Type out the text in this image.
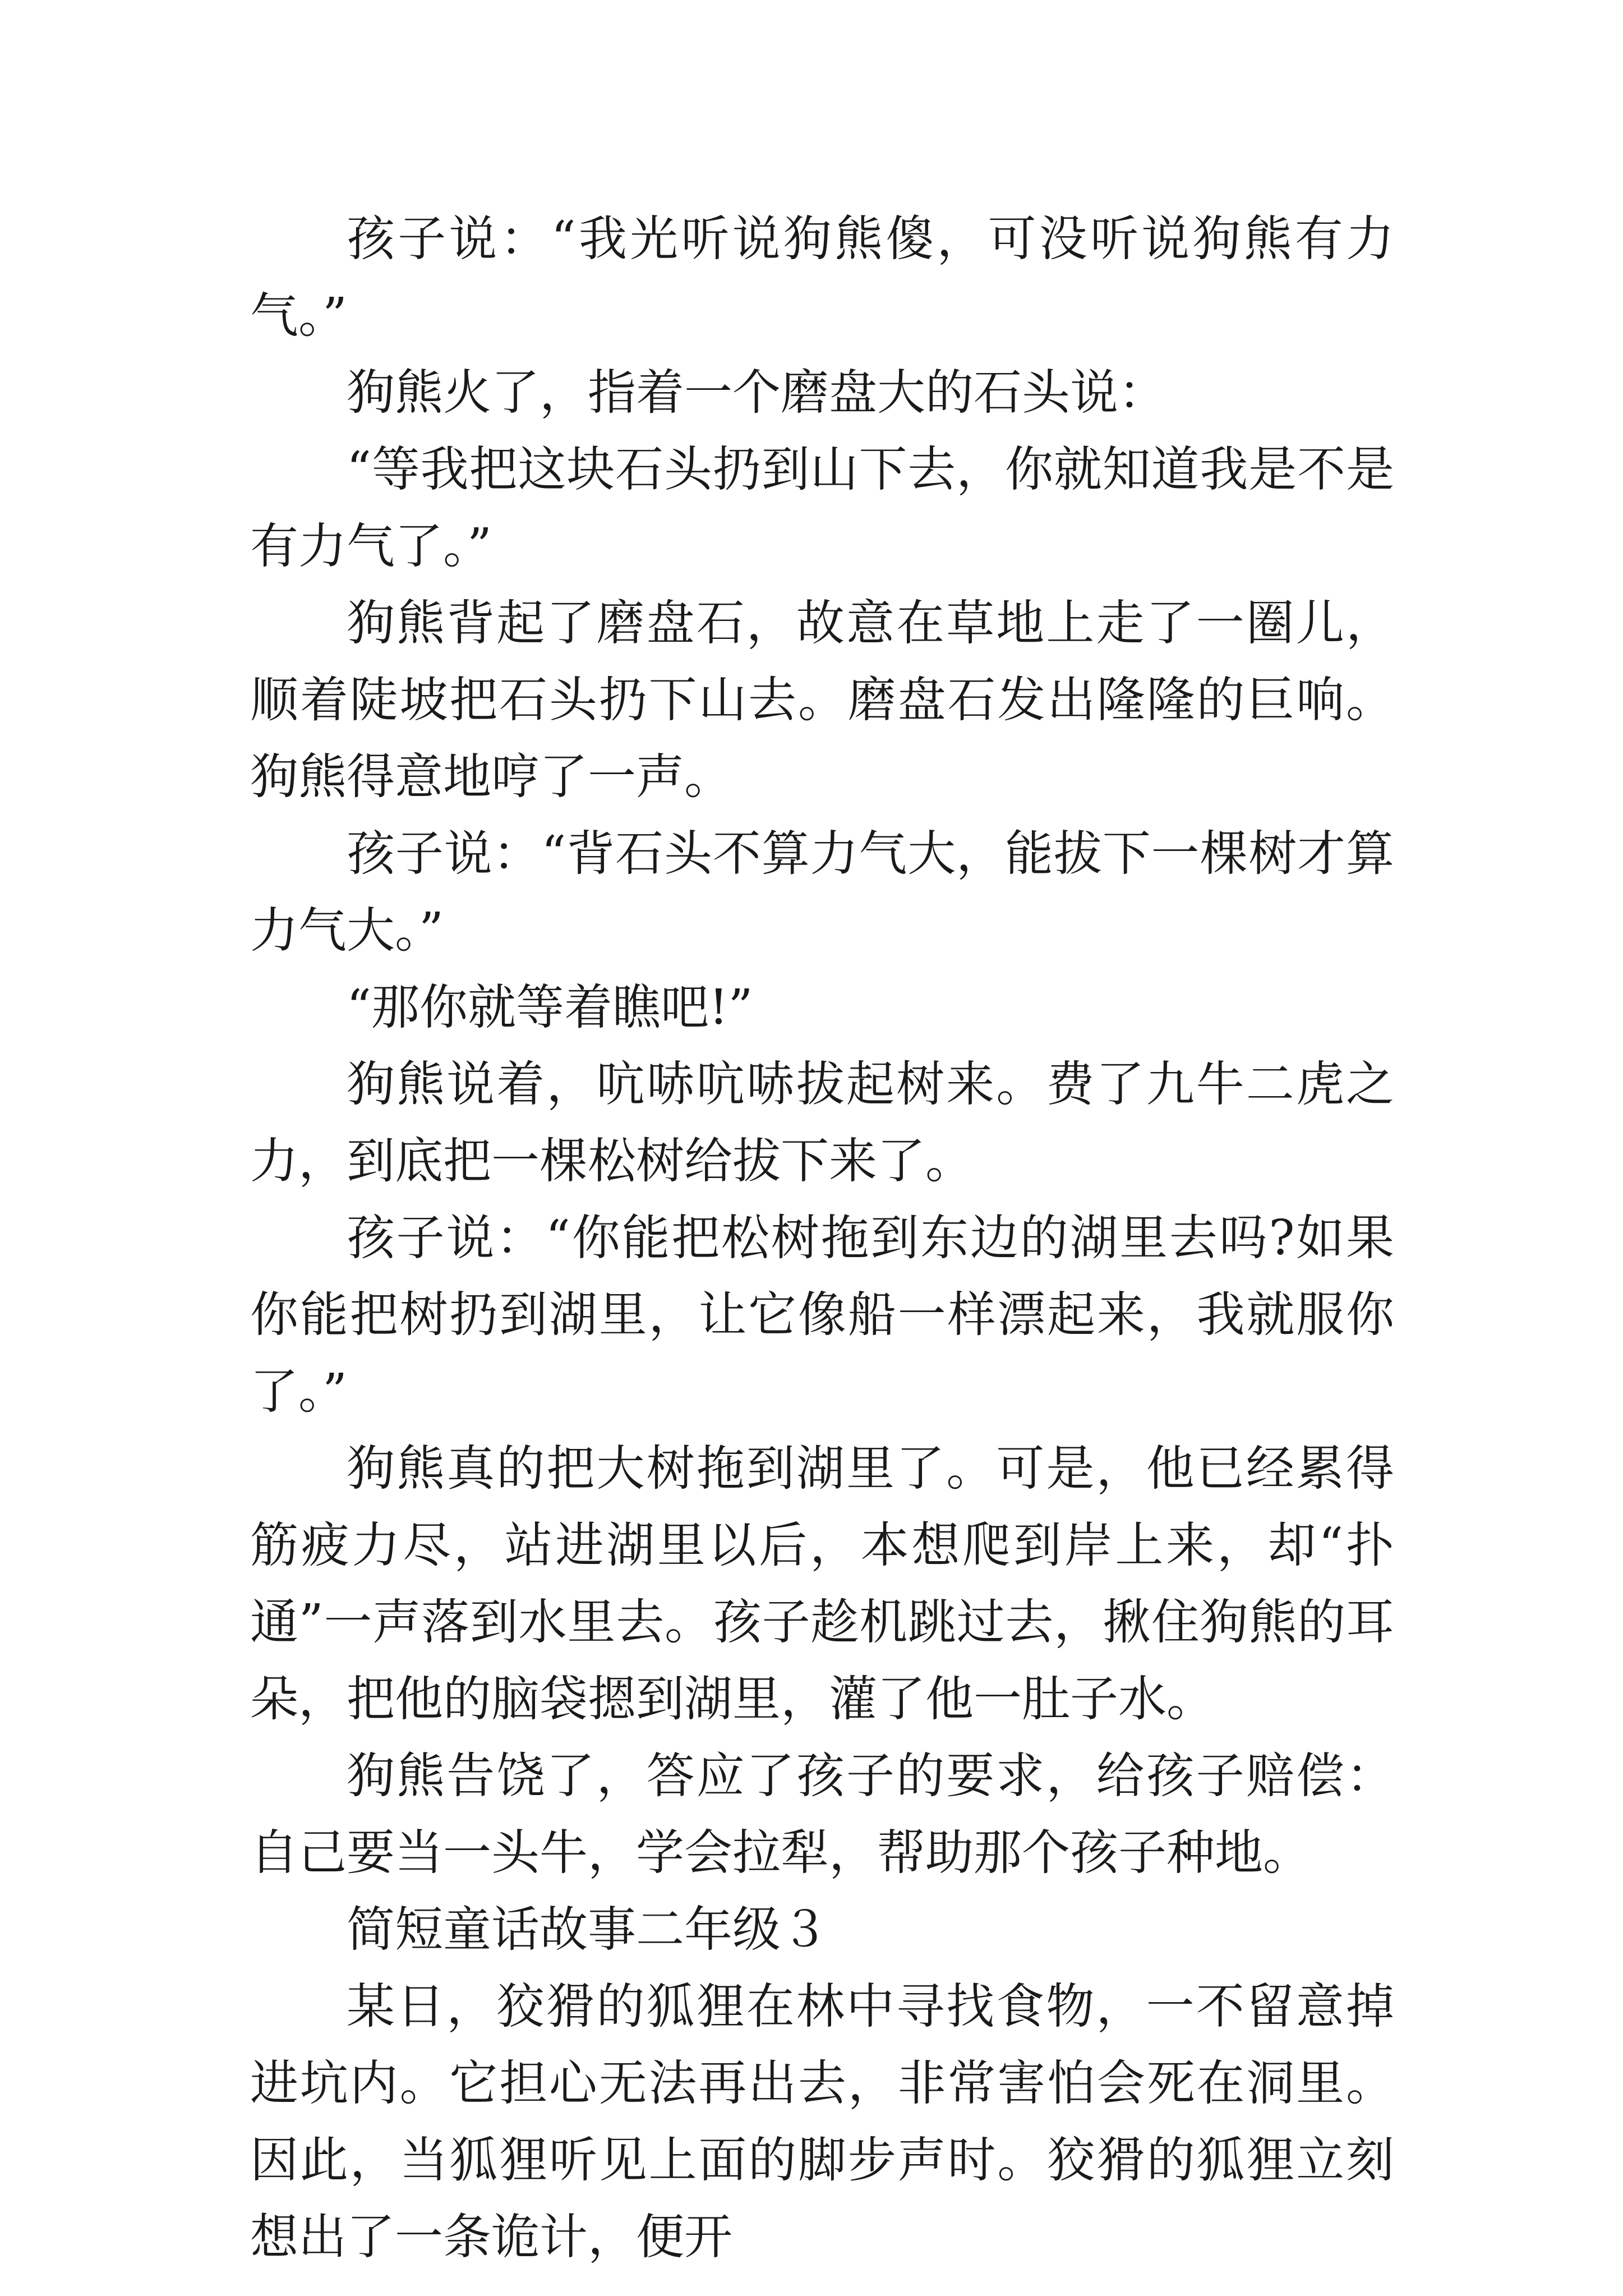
孩子说：“我光听说狗熊傻，可没听说狗熊有力气。”

狗熊火了，指着一个磨盘大的石头说：

“等我把这块石头扔到山下去，你就知道我是不是有力气了。”

狗熊背起了磨盘石，故意在草地上走了一圈儿，顺着陡坡把石头扔下山去。磨盘石发出隆隆的巨响。狗熊得意地哼了一声。

孩子说：“背石头不算力气大，能拔下一棵树才算力气大。”

“那你就等着瞧吧!”

狗熊说着，吭哧吭哧拔起树来。费了九牛二虎之力，到底把一棵松树给拔下来了。

孩子说：“你能把松树拖到东边的湖里去吗?如果你能把树扔到湖里，让它像船一样漂起来，我就服你了。”

狗熊真的把大树拖到湖里了。可是，他已经累得筋疲力尽，站进湖里以后，本想爬到岸上来，却“扑通”一声落到水里去。孩子趁机跳过去，揪住狗熊的耳朵，把他的脑袋摁到湖里，灌了他一肚子水。

狗熊告饶了，答应了孩子的要求，给孩子赔偿：自己要当一头牛，学会拉犁，帮助那个孩子种地。

简短童话故事二年级３

某日，狡猾的狐狸在林中寻找食物，一不留意掉进坑内。它担心无法再出去，非常害怕会死在洞里。因此，当狐狸听见上面的脚步声时。狡猾的狐狸立刻想出了一条诡计，便开
